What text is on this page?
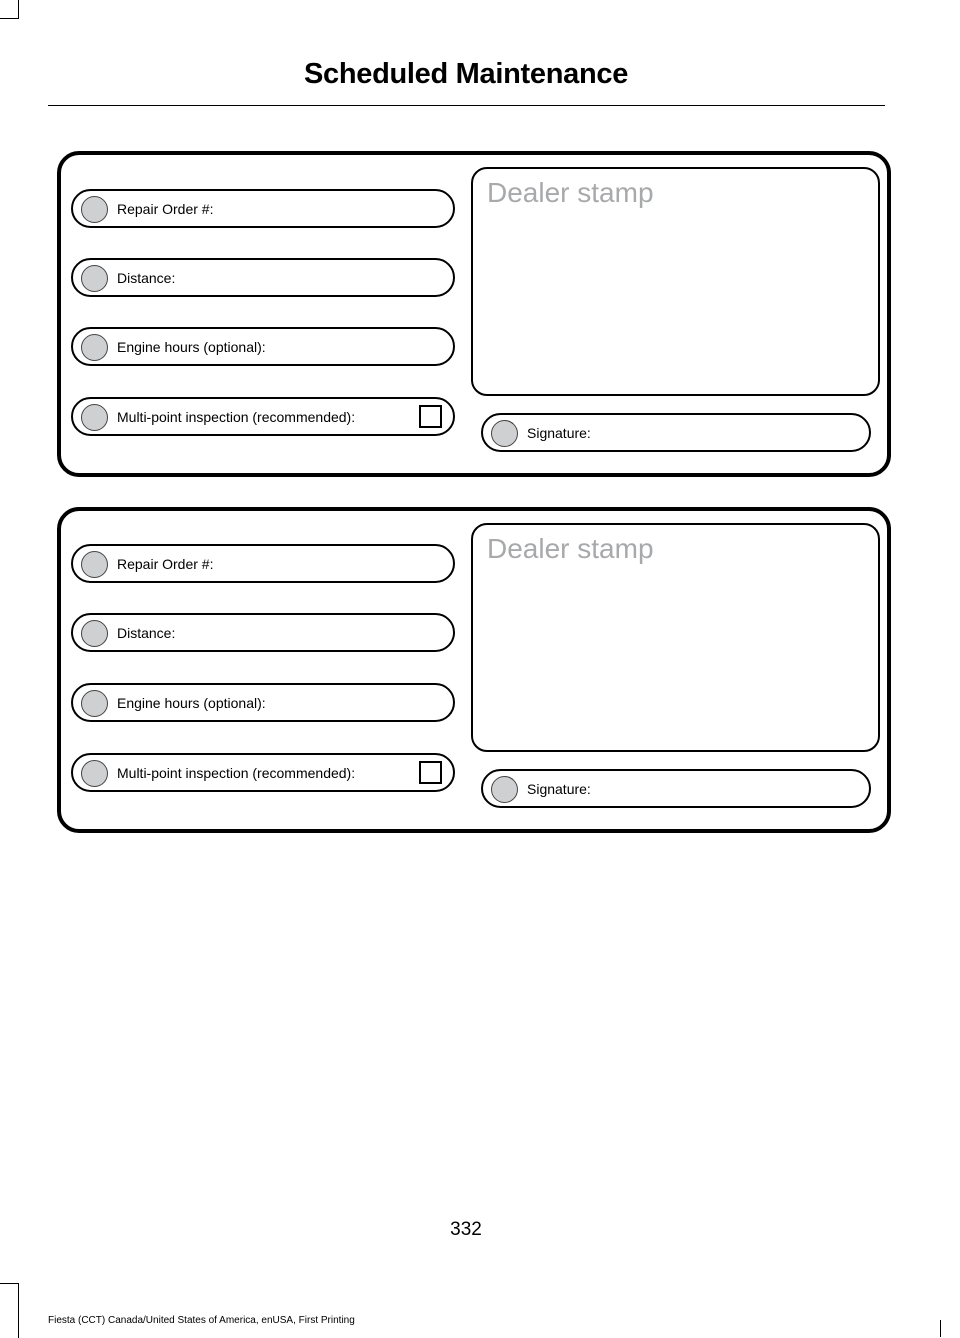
Scheduled Maintenance
Repair Order #:
Distance:
Engine hours (optional):
Multi-point inspection (recommended):
Dealer stamp
Signature:
Repair Order #:
Distance:
Engine hours (optional):
Multi-point inspection (recommended):
Dealer stamp
Signature:
332
Fiesta (CCT) Canada/United States of America, enUSA, First Printing
